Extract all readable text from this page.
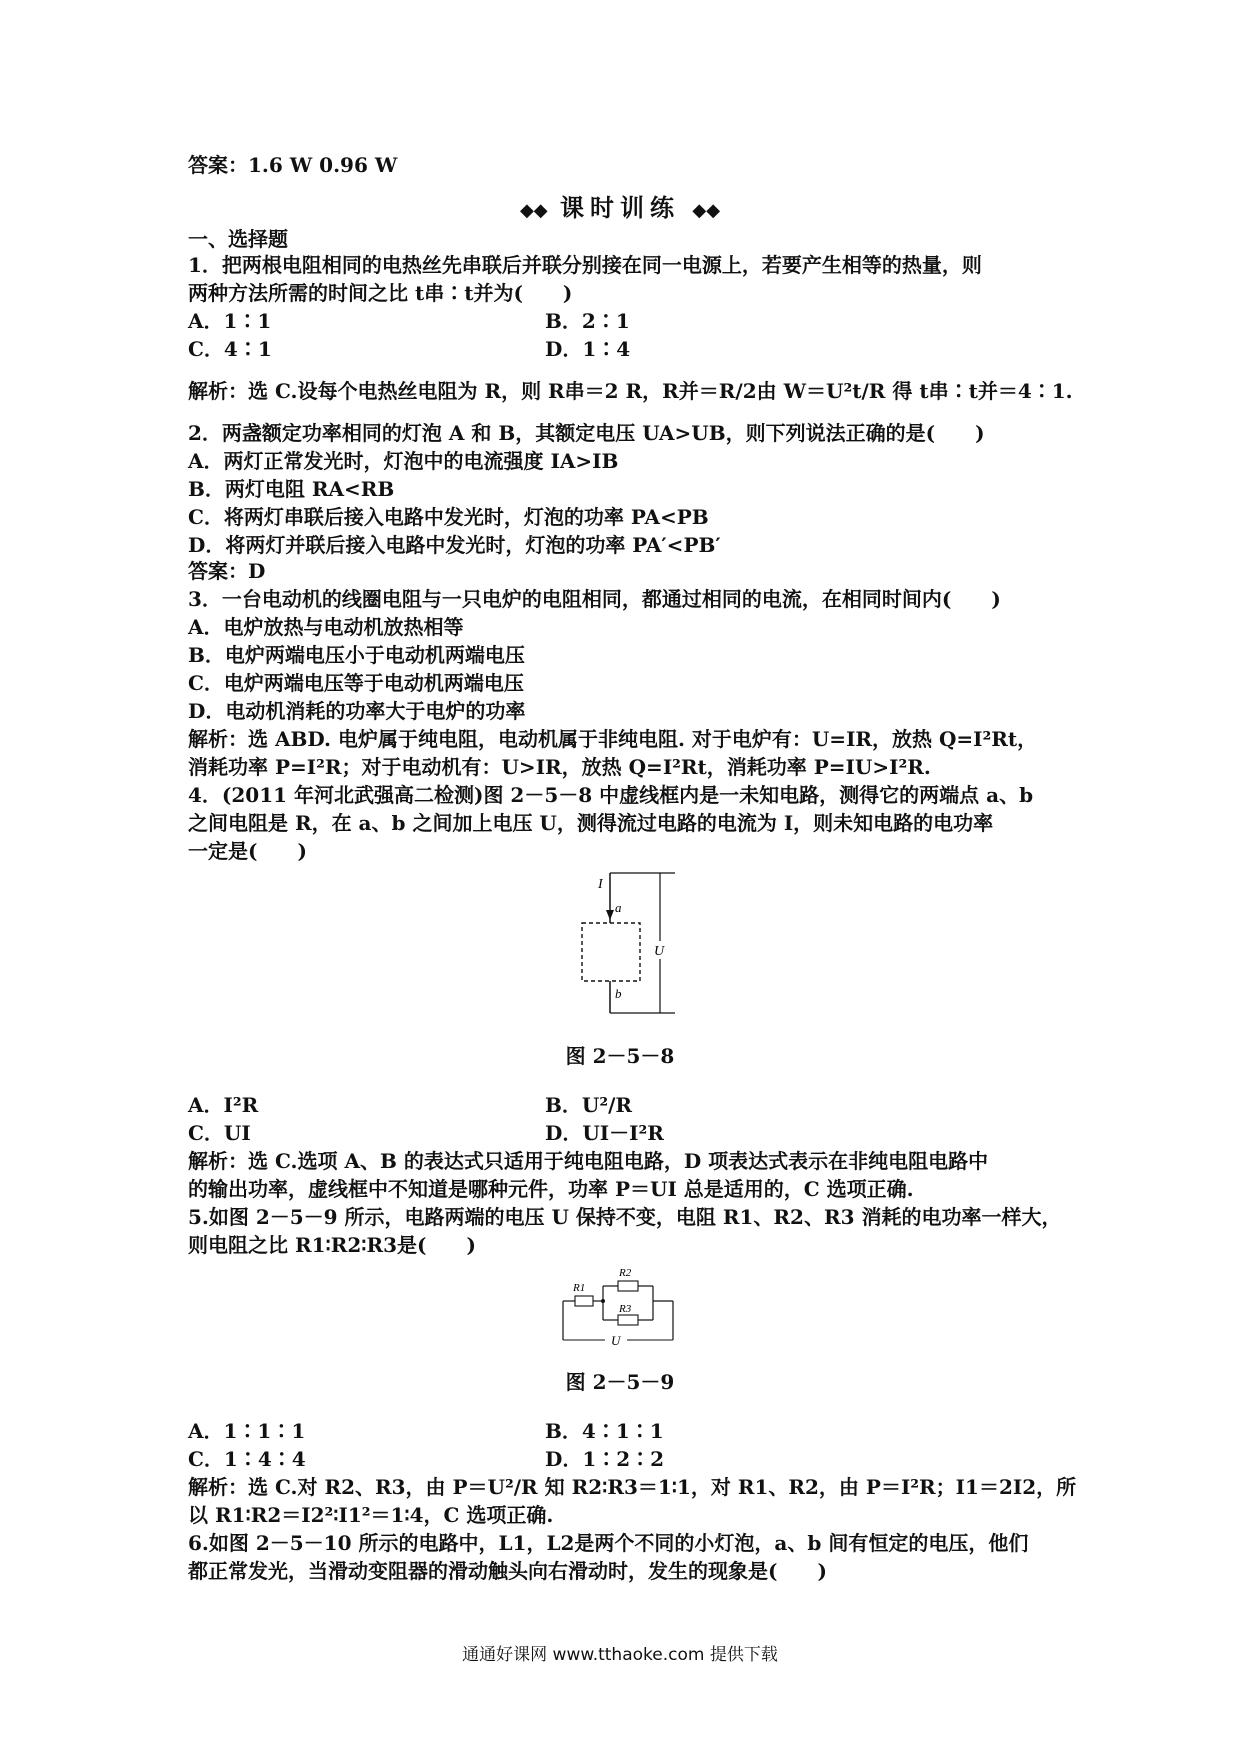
答案：1.6 W 0.96 W
◆◆ 课时训练 ◆◆
一、选择题
1．把两根电阻相同的电热丝先串联后并联分别接在同一电源上，若要产生相等的热量，则
两种方法所需的时间之比 t串∶t并为(　　)
A．1∶1	B．2∶1
C．4∶1	D．1∶4
解析：选 C.设每个电热丝电阻为 R，则 R串＝2 R，R并＝R/2由 W＝U²t/R 得 t串∶t并＝4∶1.
2．两盏额定功率相同的灯泡 A 和 B，其额定电压 UA>UB，则下列说法正确的是(　　)
A．两灯正常发光时，灯泡中的电流强度 IA>IB
B．两灯电阻 RA<RB
C．将两灯串联后接入电路中发光时，灯泡的功率 PA<PB
D．将两灯并联后接入电路中发光时，灯泡的功率 PA′<PB′
答案：D
3．一台电动机的线圈电阻与一只电炉的电阻相同，都通过相同的电流，在相同时间内(　　)
A．电炉放热与电动机放热相等
B．电炉两端电压小于电动机两端电压
C．电炉两端电压等于电动机两端电压
D．电动机消耗的功率大于电炉的功率
解析：选 ABD. 电炉属于纯电阻，电动机属于非纯电阻. 对于电炉有：U=IR，放热 Q=I²Rt，
消耗功率 P=I²R；对于电动机有：U>IR，放热 Q=I²Rt，消耗功率 P=IU>I²R.
4．(2011 年河北武强高二检测)图 2－5－8 中虚线框内是一未知电路，测得它的两端点 a、b
之间电阻是 R，在 a、b 之间加上电压 U，测得流过电路的电流为 I，则未知电路的电功率
一定是(　　)
I
a
b
U
图 2－5－8
A．I²R	B．U²/R
C．UI	D．UI－I²R
解析：选 C.选项 A、B 的表达式只适用于纯电阻电路，D 项表达式表示在非纯电阻电路中
的输出功率，虚线框中不知道是哪种元件，功率 P＝UI 总是适用的，C 选项正确.
5.如图 2－5－9 所示，电路两端的电压 U 保持不变，电阻 R1、R2、R3 消耗的电功率一样大，
则电阻之比 R1∶R2∶R3是(　　)
R1
R2
R3
U
图 2－5－9
A．1∶1∶1	B．4∶1∶1
C．1∶4∶4	D．1∶2∶2
解析：选 C.对 R2、R3，由 P＝U²/R 知 R2∶R3＝1∶1，对 R1、R2，由 P＝I²R；I1＝2I2，所
以 R1∶R2＝I2²∶I1²＝1∶4，C 选项正确.
6.如图 2－5－10 所示的电路中，L1，L2是两个不同的小灯泡，a、b 间有恒定的电压，他们
都正常发光，当滑动变阻器的滑动触头向右滑动时，发生的现象是(　　)
通通好课网 www.tthaoke.com 提供下载
